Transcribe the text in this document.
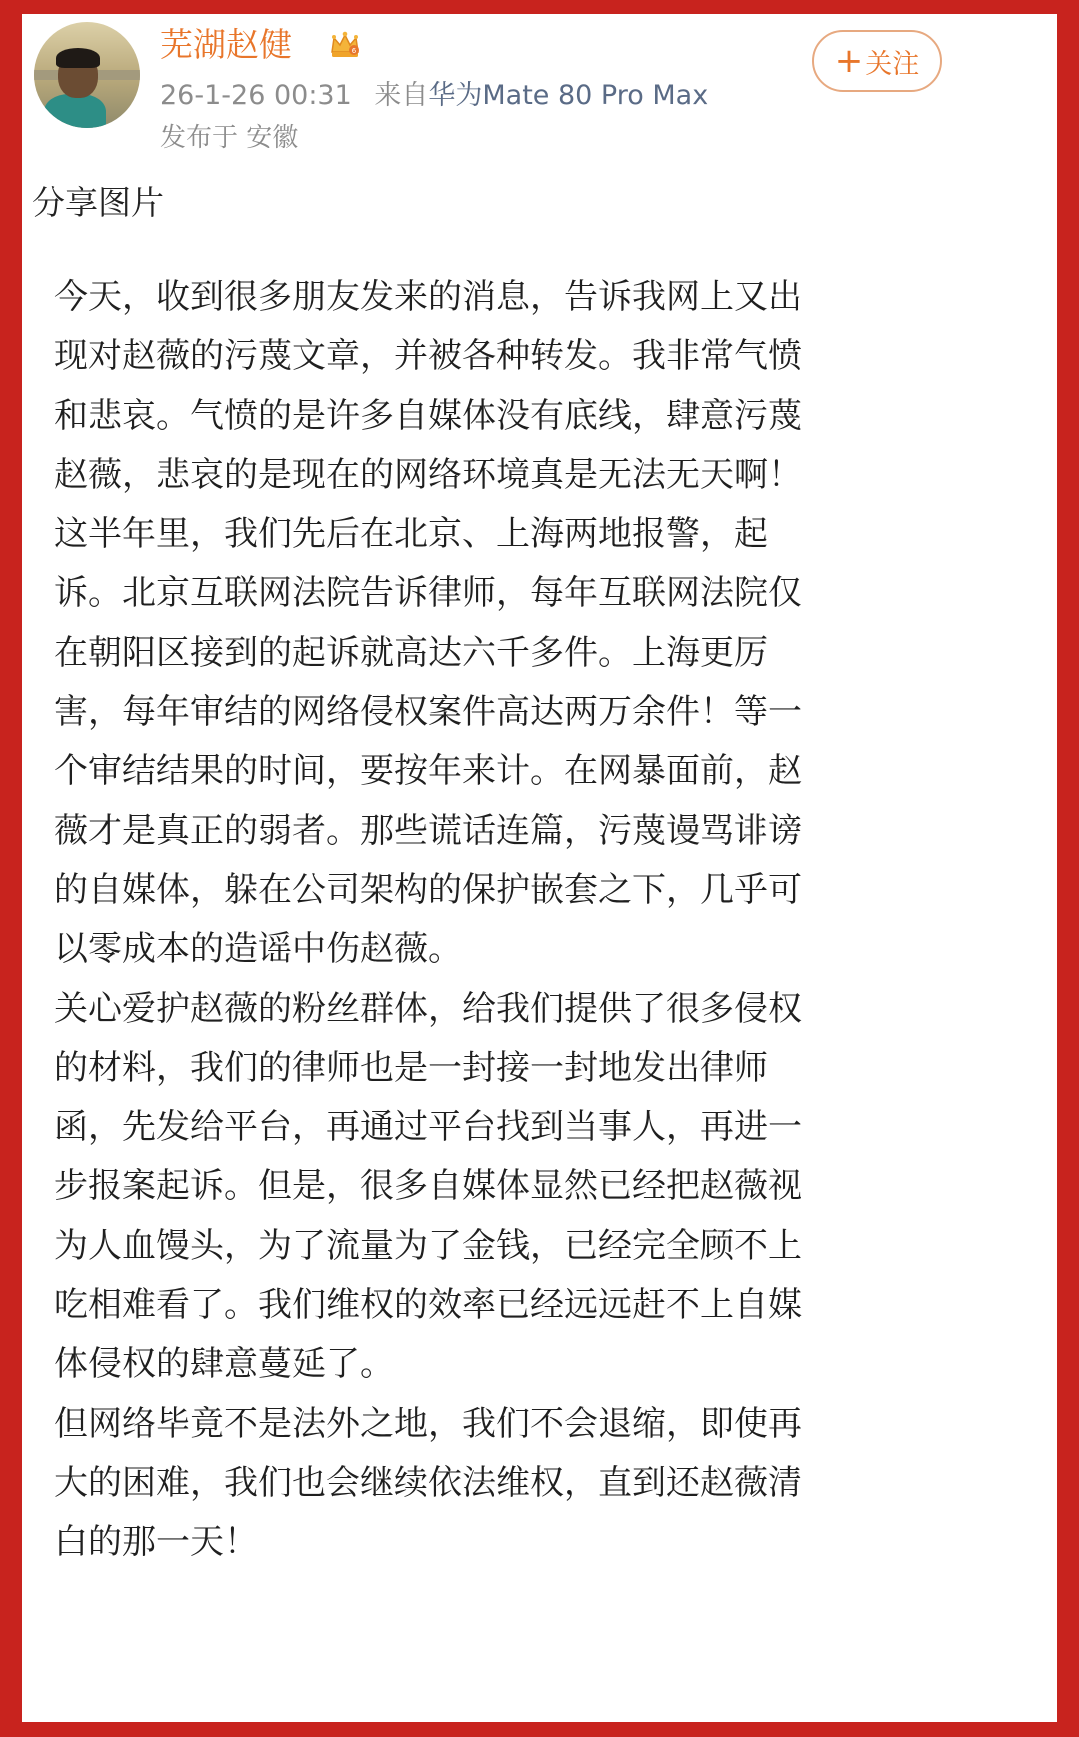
芜湖赵健	6
26-1-26 00:31 来自华为Mate 80 Pro Max
发布于 安徽
+ 关注
分享图片
今天，收到很多朋友发来的消息，告诉我网上又出
现对赵薇的污蔑文章，并被各种转发。我非常气愤
和悲哀。气愤的是许多自媒体没有底线，肆意污蔑
赵薇，悲哀的是现在的网络环境真是无法无天啊！
这半年里，我们先后在北京、上海两地报警，起
诉。北京互联网法院告诉律师，每年互联网法院仅
在朝阳区接到的起诉就高达六千多件。上海更厉
害，每年审结的网络侵权案件高达两万余件！等一
个审结结果的时间，要按年来计。在网暴面前，赵
薇才是真正的弱者。那些谎话连篇，污蔑谩骂诽谤
的自媒体，躲在公司架构的保护嵌套之下，几乎可
以零成本的造谣中伤赵薇。
关心爱护赵薇的粉丝群体，给我们提供了很多侵权
的材料，我们的律师也是一封接一封地发出律师
函，先发给平台，再通过平台找到当事人，再进一
步报案起诉。但是，很多自媒体显然已经把赵薇视
为人血馒头，为了流量为了金钱，已经完全顾不上
吃相难看了。我们维权的效率已经远远赶不上自媒
体侵权的肆意蔓延了。
但网络毕竟不是法外之地，我们不会退缩，即使再
大的困难，我们也会继续依法维权，直到还赵薇清
白的那一天！
